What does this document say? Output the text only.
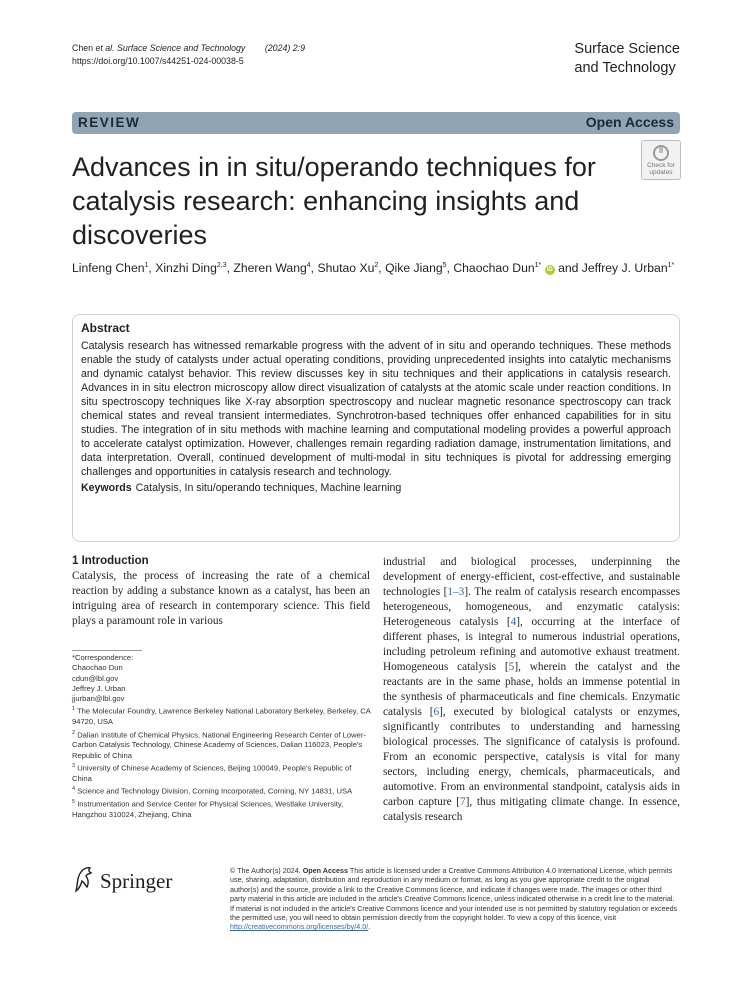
Chen et al. Surface Science and Technology (2024) 2:9
https://doi.org/10.1007/s44251-024-00038-5
Surface Science
and Technology
REVIEW	Open Access
Advances in in situ/operando techniques for catalysis research: enhancing insights and discoveries
Check for updates
Linfeng Chen$^1$, Xinzhi Ding$^{2,3}$, Zheren Wang$^4$, Shutao Xu$^2$, Qike Jiang$^5$, Chaochao Dun$^{1*}$ iD and Jeffrey J. Urban$^{1*}$
Abstract

Catalysis research has witnessed remarkable progress with the advent of in situ and operando techniques. These methods enable the study of catalysts under actual operating conditions, providing unprecedented insights into catalytic mechanisms and dynamic catalyst behavior. This review discusses key in situ techniques and their applications in catalysis research. Advances in in situ electron microscopy allow direct visualization of catalysts at the atomic scale under reaction conditions. In situ spectroscopy techniques like X-ray absorption spectroscopy and nuclear magnetic resonance spectroscopy can track chemical states and reveal transient intermediates. Synchrotron-based techniques offer enhanced capabilities for in situ studies. The integration of in situ methods with machine learning and computational modeling provides a powerful approach to accelerate catalyst optimization. However, challenges remain regarding radiation damage, instrumentation limitations, and data interpretation. Overall, continued development of multi-modal in situ techniques is pivotal for addressing emerging challenges and opportunities in catalysis research and technology.

Keywords Catalysis, In situ/operando techniques, Machine learning
1 Introduction

Catalysis, the process of increasing the rate of a chemical reaction by adding a substance known as a catalyst, has been an intriguing area of research in contemporary science. This field plays a paramount role in various

industrial and biological processes, underpinning the development of energy-efficient, cost-effective, and sustainable technologies [1–3]. The realm of catalysis research encompasses heterogeneous, homogeneous, and enzymatic catalysis: Heterogeneous catalysis [4], occurring at the interface of different phases, is integral to numerous industrial operations, including petroleum refining and automotive exhaust treatment. Homogeneous catalysis [5], wherein the catalyst and the reactants are in the same phase, holds an immense potential in the synthesis of pharmaceuticals and fine chemicals. Enzymatic catalysis [6], executed by biological catalysts or enzymes, significantly contributes to understanding and harnessing biological processes. The significance of catalysis is profound. From an economic perspective, catalysis is vital for many sectors, including energy, chemicals, pharmaceuticals, and automotive. From an environmental standpoint, catalysis aids in carbon capture [7], thus mitigating climate change. In essence, catalysis research

*Correspondence:
Chaochao Dun
cdun@lbl.gov
Jeffrey J. Urban
jjurban@lbl.gov
$^1$ The Molecular Foundry, Lawrence Berkeley National Laboratory Berkeley, Berkeley, CA 94720, USA
$^2$ Dalian Institute of Chemical Physics, National Engineering Research Center of Lower-Carbon Catalysis Technology, Chinese Academy of Sciences, Dalian 116023, People's Republic of China
$^3$ University of Chinese Academy of Sciences, Beijing 100049, People's Republic of China
$^4$ Science and Technology Division, Corning Incorporated, Corning, NY 14831, USA
$^5$ Instrumentation and Service Center for Physical Sciences, Westlake University, Hangzhou 310024, Zhejiang, China
Springer	© The Author(s) 2024. Open Access This article is licensed under a Creative Commons Attribution 4.0 International License, which permits use, sharing, adaptation, distribution and reproduction in any medium or format, as long as you give appropriate credit to the original author(s) and the source, provide a link to the Creative Commons licence, and indicate if changes were made. The images or other third party material in this article are included in the article's Creative Commons licence, unless indicated otherwise in a credit line to the material. If material is not included in the article's Creative Commons licence and your intended use is not permitted by statutory regulation or exceeds the permitted use, you will need to obtain permission directly from the copyright holder. To view a copy of this licence, visit http://creativecommons.org/licenses/by/4.0/.
